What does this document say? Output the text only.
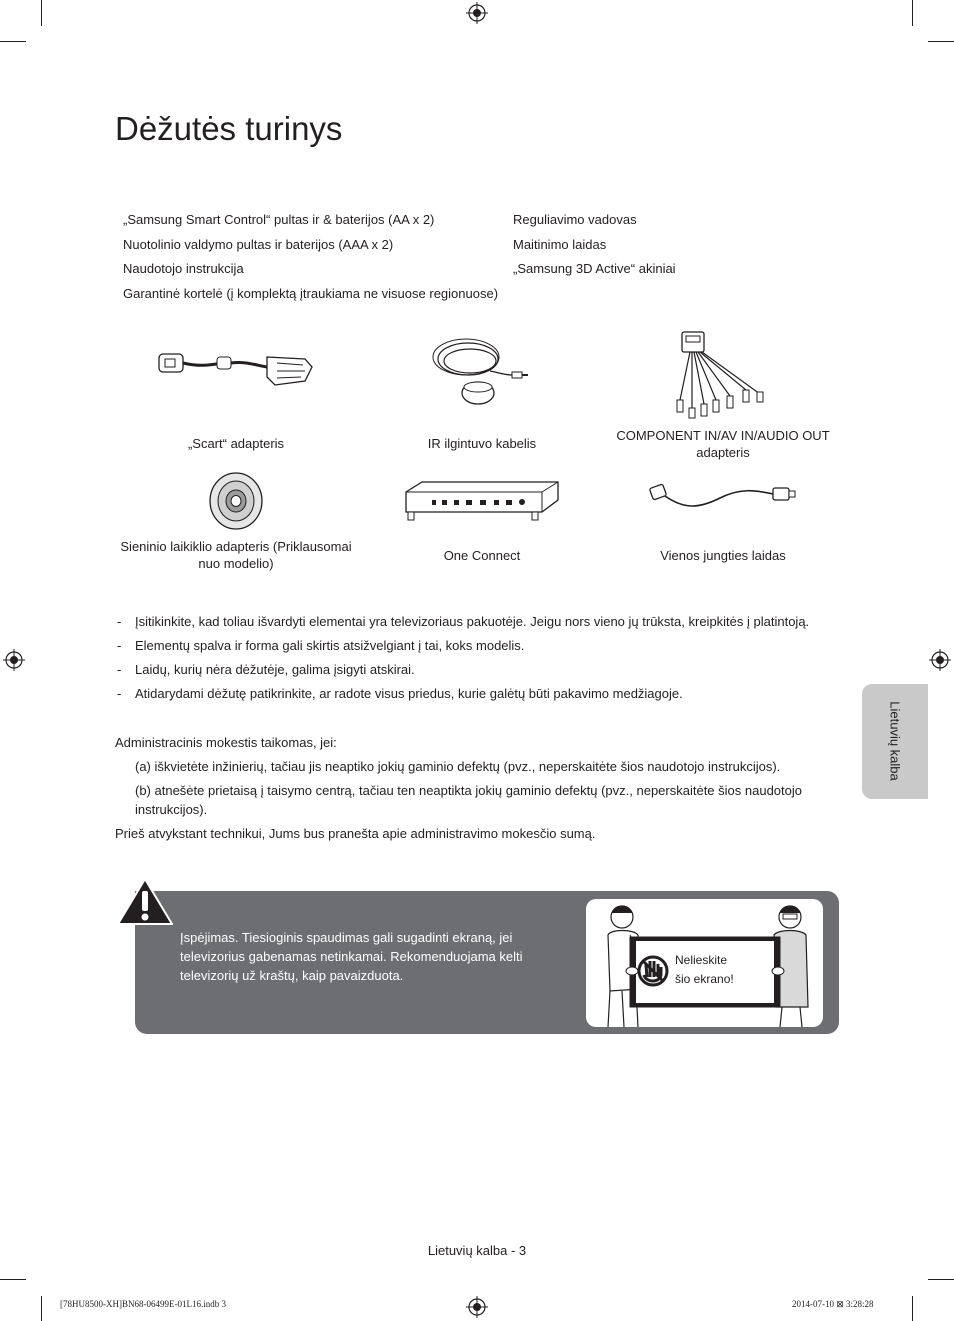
Dėžutės turinys
„Samsung Smart Control“ pultas ir & baterijos (AA x 2)
Nuotolinio valdymo pultas ir baterijos (AAA x 2)
Naudotojo instrukcija
Garantinė kortelė (į komplektą įtraukiama ne visuose regionuose)
Reguliavimo vadovas
Maitinimo laidas
„Samsung 3D Active“ akiniai
„Scart“ adapteris	IR ilgintuvo kabelis
COMPONENT IN/AV IN/AUDIO OUT adapteris
Sieninio laikiklio adapteris (Priklausomai nuo modelio)
One Connect	Vienos jungties laidas
- Įsitikinkite, kad toliau išvardyti elementai yra televizoriaus pakuotėje. Jeigu nors vieno jų trūksta, kreipkitės į platintoją.
- Elementų spalva ir forma gali skirtis atsižvelgiant į tai, koks modelis.
- Laidų, kurių nėra dėžutėje, galima įsigyti atskirai.
- Atidarydami dėžutę patikrinkite, ar radote visus priedus, kurie galėtų būti pakavimo medžiagoje.
Administracinis mokestis taikomas, jei:
(a) iškvietėte inžinierių, tačiau jis neaptiko jokių gaminio defektų (pvz., neperskaitėte šios naudotojo instrukcijos).
(b) atnešėte prietaisą į taisymo centrą, tačiau ten neaptikta jokių gaminio defektų (pvz., neperskaitėte šios naudotojo instrukcijos).
Prieš atvykstant technikui, Jums bus pranešta apie administravimo mokesčio sumą.
Lietuvių kalba
Įspėjimas. Tiesioginis spaudimas gali sugadinti ekraną, jei televizorius gabenamas netinkamai. Rekomenduojama kelti televizorių už kraštų, kaip pavaizduota.
Nelieskite
šio ekrano!
Lietuvių kalba - 3
[78HU8500-XH]BN68-06499E-01L16.indb 3	2014-07-10 ⊠ 3:28:28
